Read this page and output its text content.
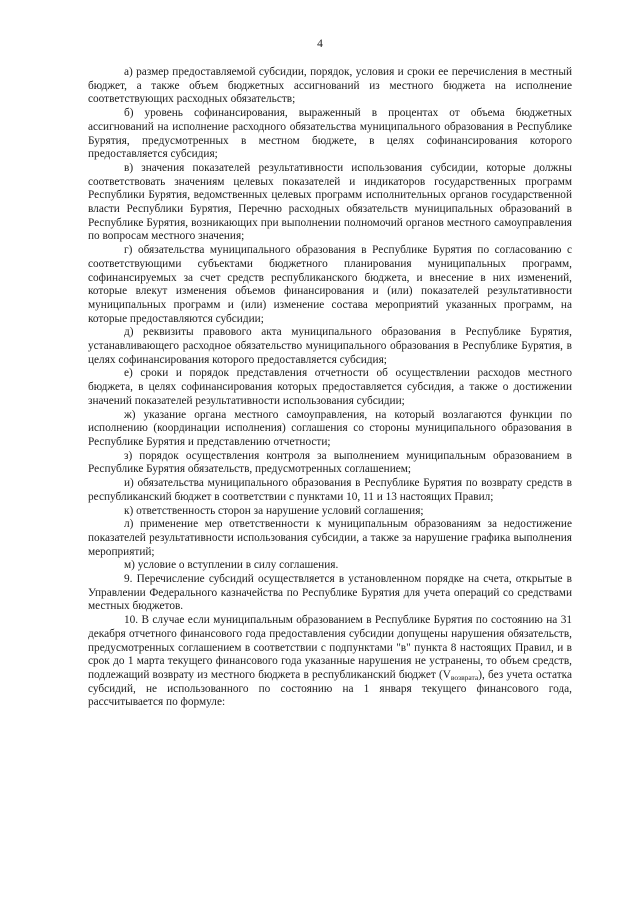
4

а) размер предоставляемой субсидии, порядок, условия и сроки ее перечисления в местный бюджет, а также объем бюджетных ассигнований из местного бюджета на исполнение соответствующих расходных обязательств;

б) уровень софинансирования, выраженный в процентах от объема бюджетных ассигнований на исполнение расходного обязательства муниципального образования в Республике Бурятия, предусмотренных в местном бюджете, в целях софинансирования которого предоставляется субсидия;

в) значения показателей результативности использования субсидии, которые должны соответствовать значениям целевых показателей и индикаторов государственных программ Республики Бурятия, ведомственных целевых программ исполнительных органов государственной власти Республики Бурятия, Перечню расходных обязательств муниципальных образований в Республике Бурятия, возникающих при выполнении полномочий органов местного самоуправления по вопросам местного значения;

г) обязательства муниципального образования в Республике Бурятия по согласованию с соответствующими субъектами бюджетного планирования муниципальных программ, софинансируемых за счет средств республиканского бюджета, и внесение в них изменений, которые влекут изменения объемов финансирования и (или) показателей результативности муниципальных программ и (или) изменение состава мероприятий указанных программ, на которые предоставляются субсидии;

д) реквизиты правового акта муниципального образования в Республике Бурятия, устанавливающего расходное обязательство муниципального образования в Республике Бурятия, в целях софинансирования которого предоставляется субсидия;

е) сроки и порядок представления отчетности об осуществлении расходов местного бюджета, в целях софинансирования которых предоставляется субсидия, а также о достижении значений показателей результативности использования субсидии;

ж) указание органа местного самоуправления, на который возлагаются функции по исполнению (координации исполнения) соглашения со стороны муниципального образования в Республике Бурятия и представлению отчетности;

з) порядок осуществления контроля за выполнением муниципальным образованием в Республике Бурятия обязательств, предусмотренных соглашением;

и) обязательства муниципального образования в Республике Бурятия по возврату средств в республиканский бюджет в соответствии с пунктами 10, 11 и 13 настоящих Правил;

к) ответственность сторон за нарушение условий соглашения;

л) применение мер ответственности к муниципальным образованиям за недостижение показателей результативности использования субсидии, а также за нарушение графика выполнения мероприятий;

м) условие о вступлении в силу соглашения.

9. Перечисление субсидий осуществляется в установленном порядке на счета, открытые в Управлении Федерального казначейства по Республике Бурятия для учета операций со средствами местных бюджетов.

10. В случае если муниципальным образованием в Республике Бурятия по состоянию на 31 декабря отчетного финансового года предоставления субсидии допущены нарушения обязательств, предусмотренных соглашением в соответствии с подпунктами "в" пункта 8 настоящих Правил, и в срок до 1 марта текущего финансового года указанные нарушения не устранены, то объем средств, подлежащий возврату из местного бюджета в республиканский бюджет $(V_{возврата})$, без учета остатка субсидий, не использованного по состоянию на 1 января текущего финансового года, рассчитывается по формуле:
